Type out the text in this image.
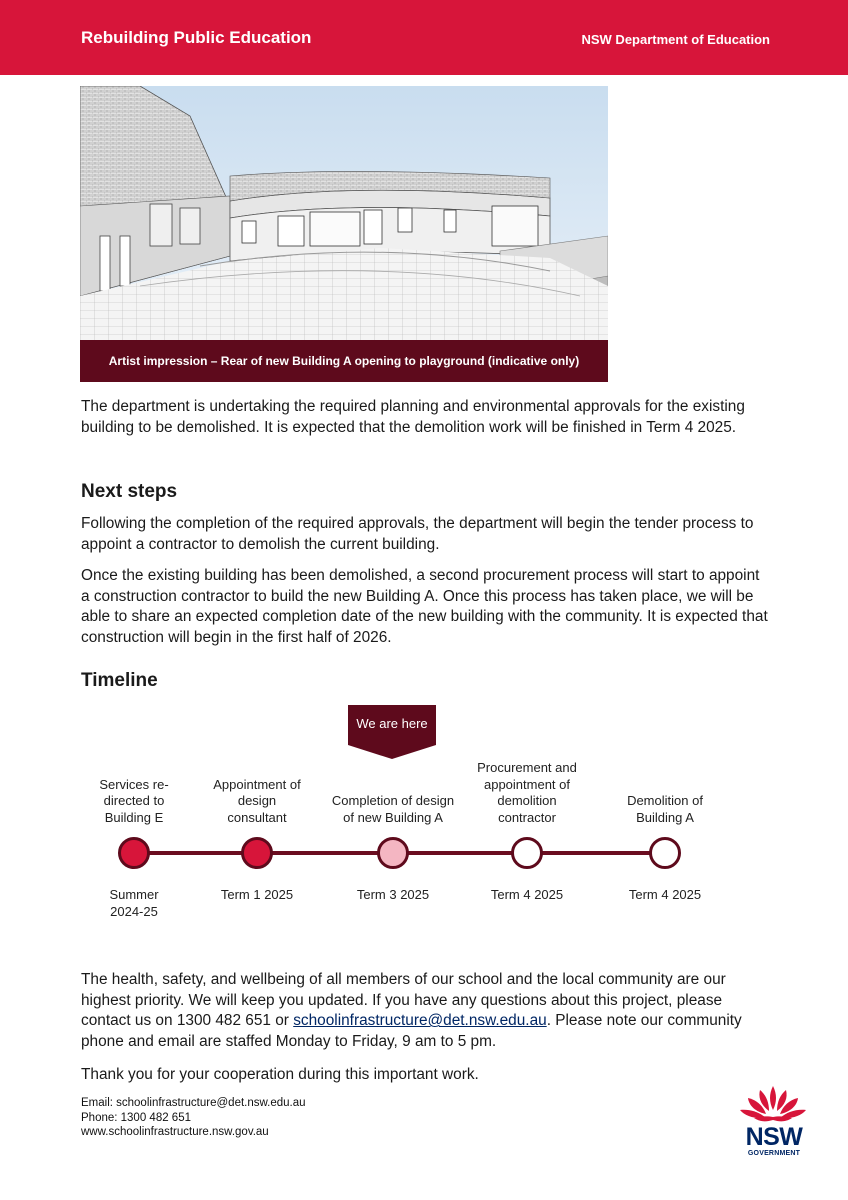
Rebuilding Public Education	NSW Department of Education
Artist impression – Rear of new Building A opening to playground (indicative only)

The department is undertaking the required planning and environmental approvals for the existing building to be demolished. It is expected that the demolition work will be finished in Term 4 2025.

Next steps

Following the completion of the required approvals, the department will begin the tender process to appoint a contractor to demolish the current building.

Once the existing building has been demolished, a second procurement process will start to appoint a construction contractor to build the new Building A. Once this process has taken place, we will be able to share an expected completion date of the new building with the community. It is expected that construction will begin in the first half of 2026.

Timeline
We are here
Services re-
directed to
Building E
Summer
2024-25
Appointment of
design
consultant
Term 1 2025
Completion of design
of new Building A
Term 3 2025
Procurement and
appointment of
demolition
contractor
Term 4 2025
Demolition of
Building A
Term 4 2025

The health, safety, and wellbeing of all members of our school and the local community are our highest priority. We will keep you updated. If you have any questions about this project, please contact us on 1300 482 651 or schoolinfrastructure@det.nsw.edu.au. Please note our community phone and email are staffed Monday to Friday, 9 am to 5 pm.

Thank you for your cooperation during this important work.

Email: schoolinfrastructure@det.nsw.edu.au
Phone: 1300 482 651
www.schoolinfrastructure.nsw.gov.au	NSW
GOVERNMENT
